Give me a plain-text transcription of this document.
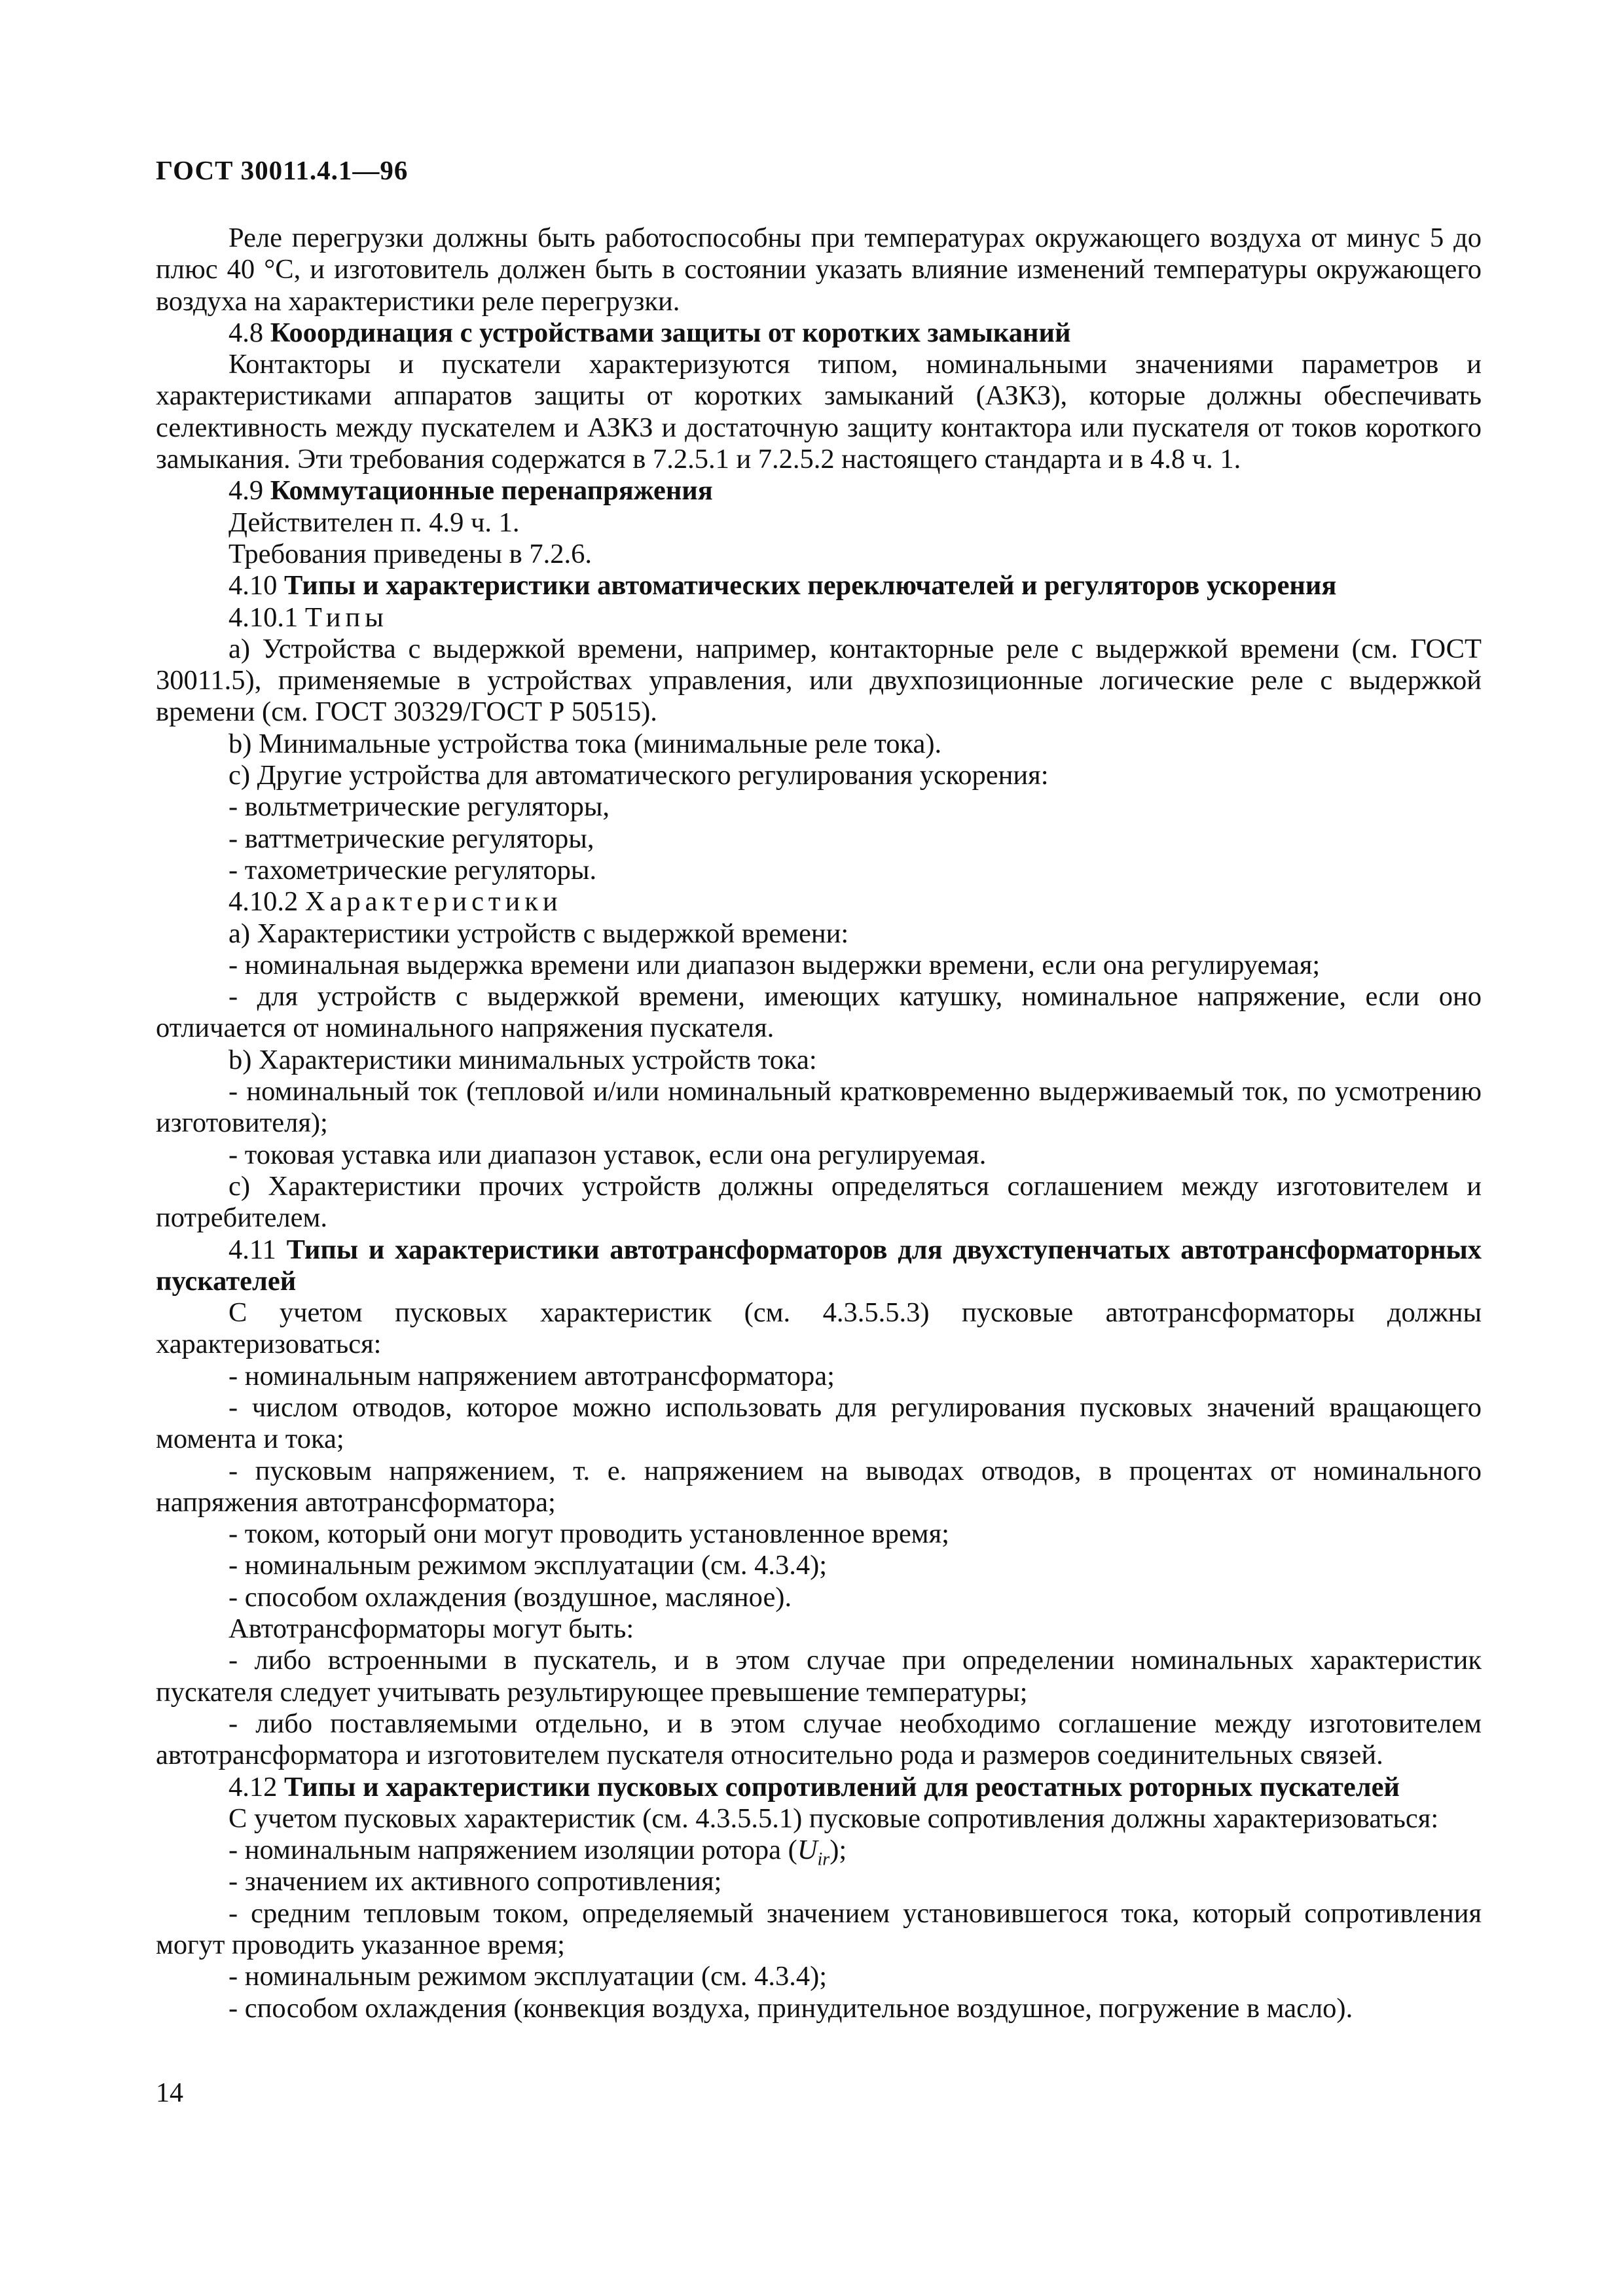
ГОСТ 30011.4.1—96

Реле перегрузки должны быть работоспособны при температурах окружающего воздуха от минус 5 до плюс 40 °C, и изготовитель должен быть в состоянии указать влияние изменений температуры окружающего воздуха на характеристики реле перегрузки.

4.8 Кооординация с устройствами защиты от коротких замыканий

Контакторы и пускатели характеризуются типом, номинальными значениями параметров и характеристиками аппаратов защиты от коротких замыканий (АЗКЗ), которые должны обеспечивать селективность между пускателем и АЗКЗ и достаточную защиту контактора или пускателя от токов короткого замыкания. Эти требования содержатся в 7.2.5.1 и 7.2.5.2 настоящего стандарта и в 4.8 ч. 1.

4.9 Коммутационные перенапряжения

Действителен п. 4.9 ч. 1.

Требования приведены в 7.2.6.

4.10 Типы и характеристики автоматических переключателей и регуляторов ускорения

4.10.1 Типы

а) Устройства с выдержкой времени, например, контакторные реле с выдержкой времени (см. ГОСТ 30011.5), применяемые в устройствах управления, или двухпозиционные логические реле с выдержкой времени (см. ГОСТ 30329/ГОСТ Р 50515).

b) Минимальные устройства тока (минимальные реле тока).

с) Другие устройства для автоматического регулирования ускорения:

- вольтметрические регуляторы,

- ваттметрические регуляторы,

- тахометрические регуляторы.

4.10.2 Характеристики

а) Характеристики устройств с выдержкой времени:

- номинальная выдержка времени или диапазон выдержки времени, если она регулируемая;

- для устройств с выдержкой времени, имеющих катушку, номинальное напряжение, если оно отличается от номинального напряжения пускателя.

b) Характеристики минимальных устройств тока:

- номинальный ток (тепловой и/или номинальный кратковременно выдерживаемый ток, по усмотрению изготовителя);

- токовая уставка или диапазон уставок, если она регулируемая.

с) Характеристики прочих устройств должны определяться соглашением между изготовителем и потребителем.

4.11 Типы и характеристики автотрансформаторов для двухступенчатых автотрансформаторных пускателей

С учетом пусковых характеристик (см. 4.3.5.5.3) пусковые автотрансформаторы должны характеризоваться:

- номинальным напряжением автотрансформатора;

- числом отводов, которое можно использовать для регулирования пусковых значений вращающего момента и тока;

- пусковым напряжением, т. е. напряжением на выводах отводов, в процентах от номинального напряжения автотрансформатора;

- током, который они могут проводить установленное время;

- номинальным режимом эксплуатации (см. 4.3.4);

- способом охлаждения (воздушное, масляное).

Автотрансформаторы могут быть:

- либо встроенными в пускатель, и в этом случае при определении номинальных характеристик пускателя следует учитывать результирующее превышение температуры;

- либо поставляемыми отдельно, и в этом случае необходимо соглашение между изготовителем автотрансформатора и изготовителем пускателя относительно рода и размеров соединительных связей.

4.12 Типы и характеристики пусковых сопротивлений для реостатных роторных пускателей

С учетом пусковых характеристик (см. 4.3.5.5.1) пусковые сопротивления должны характеризоваться:

- номинальным напряжением изоляции ротора $(U_{ir})$;

- значением их активного сопротивления;

- средним тепловым током, определяемый значением установившегося тока, который сопротивления могут проводить указанное время;

- номинальным режимом эксплуатации (см. 4.3.4);

- способом охлаждения (конвекция воздуха, принудительное воздушное, погружение в масло).

14
